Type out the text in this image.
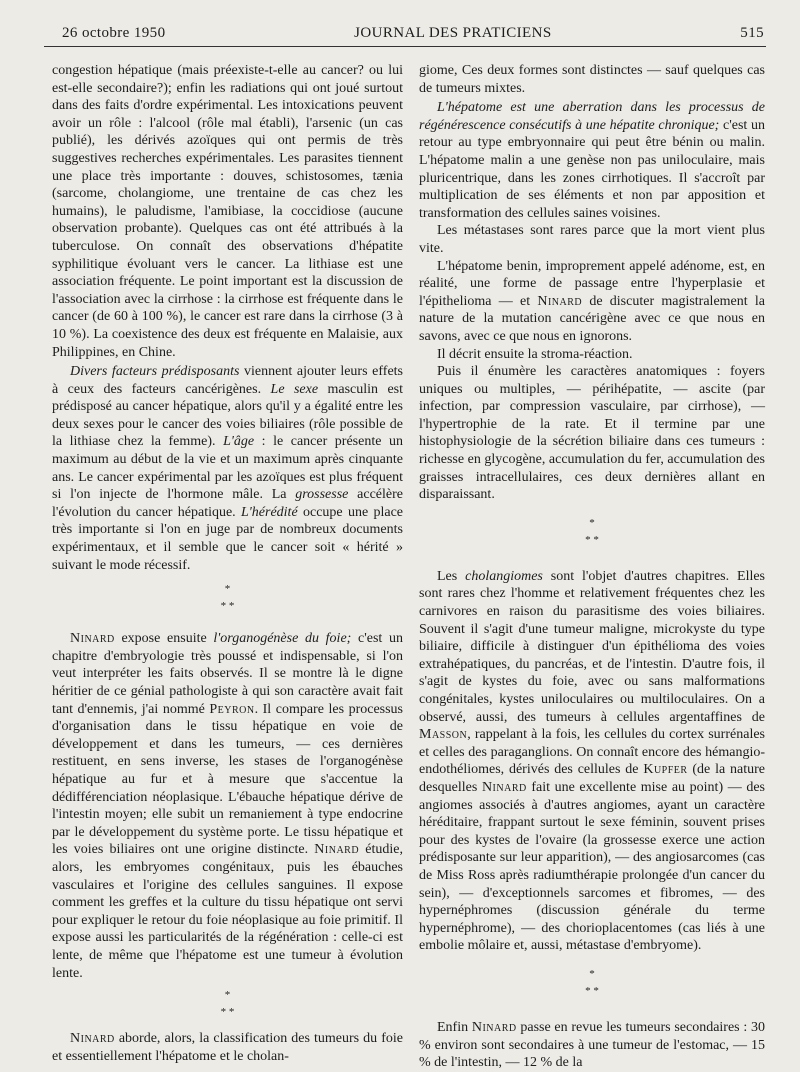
26 octobre 1950	JOURNAL DES PRATICIENS	515

congestion hépatique (mais préexiste-t-elle au cancer? ou lui est-elle secondaire?); enfin les radiations qui ont joué surtout dans des faits d'ordre expérimental. Les intoxications peuvent avoir un rôle : l'alcool (rôle mal établi), l'arsenic (un cas publié), les dérivés azoïques qui ont permis de très suggestives recherches expérimentales. Les parasites tiennent une place très importante : douves, schistosomes, tænia (sarcome, cholangiome, une trentaine de cas chez les humains), le paludisme, l'amibiase, la coccidiose (aucune observation probante). Quelques cas ont été attribués à la tuberculose. On connaît des observations d'hépatite syphilitique évoluant vers le cancer. La lithiase est une association fréquente. Le point important est la discussion de l'association avec la cirrhose : la cirrhose est fréquente dans le cancer (de 60 à 100 %), le cancer est rare dans la cirrhose (3 à 10 %). La coexistence des deux est fréquente en Malaisie, aux Philippines, en Chine.

Divers facteurs prédisposants viennent ajouter leurs effets à ceux des facteurs cancérigènes. Le sexe masculin est prédisposé au cancer hépatique, alors qu'il y a égalité entre les deux sexes pour le cancer des voies biliaires (rôle possible de la lithiase chez la femme). L'âge : le cancer présente un maximum au début de la vie et un maximum après cinquante ans. Le cancer expérimental par les azoïques est plus fréquent si l'on injecte de l'hormone mâle. La grossesse accélère l'évolution du cancer hépatique. L'hérédité occupe une place très importante si l'on en juge par de nombreux documents expérimentaux, et il semble que le cancer soit « hérité » suivant le mode récessif.

*
* *

Ninard expose ensuite l'organogénèse du foie; c'est un chapitre d'embryologie très poussé et indispensable, si l'on veut interpréter les faits observés. Il se montre là le digne héritier de ce génial pathologiste à qui son caractère avait fait tant d'ennemis, j'ai nommé Peyron. Il compare les processus d'organisation dans le tissu hépatique en voie de développement et dans les tumeurs, — ces dernières restituent, en sens inverse, les stases de l'organogénèse hépatique au fur et à mesure que s'accentue la dédifférenciation néoplasique. L'ébauche hépatique dérive de l'intestin moyen; elle subit un remaniement à type endocrine par le développement du système porte. Le tissu hépatique et les voies biliaires ont une origine distincte. Ninard étudie, alors, les embryomes congénitaux, puis les ébauches vasculaires et l'origine des cellules sanguines. Il expose comment les greffes et la culture du tissu hépatique ont servi pour expliquer le retour du foie néoplasique au foie primitif. Il expose aussi les particularités de la régénération : celle-ci est lente, de même que l'hépatome est une tumeur à évolution lente.

*
* *

Ninard aborde, alors, la classification des tumeurs du foie et essentiellement l'hépatome et le cholan-

giome, Ces deux formes sont distinctes — sauf quelques cas de tumeurs mixtes.

L'hépatome est une aberration dans les processus de régénérescence consécutifs à une hépatite chronique; c'est un retour au type embryonnaire qui peut être bénin ou malin. L'hépatome malin a une genèse non pas uniloculaire, mais pluricentrique, dans les zones cirrhotiques. Il s'accroît par multiplication de ses éléments et non par apposition et transformation des cellules saines voisines.

Les métastases sont rares parce que la mort vient plus vite.

L'hépatome benin, improprement appelé adénome, est, en réalité, une forme de passage entre l'hyperplasie et l'épithelioma — et Ninard de discuter magistralement la nature de la mutation cancérigène avec ce que nous en savons, avec ce que nous en ignorons.

Il décrit ensuite la stroma-réaction.

Puis il énumère les caractères anatomiques : foyers uniques ou multiples, — périhépatite, — ascite (par infection, par compression vasculaire, par cirrhose), — l'hypertrophie de la rate. Et il termine par une histophysiologie de la sécrétion biliaire dans ces tumeurs : richesse en glycogène, accumulation du fer, accumulation des graisses intracellulaires, ces deux dernières allant en disparaissant.

*
* *

Les cholangiomes sont l'objet d'autres chapitres. Elles sont rares chez l'homme et relativement fréquentes chez les carnivores en raison du parasitisme des voies biliaires. Souvent il s'agit d'une tumeur maligne, microkyste du type biliaire, difficile à distinguer d'un épithélioma des voies extrahépatiques, du pancréas, et de l'intestin. D'autre fois, il s'agit de kystes du foie, avec ou sans malformations congénitales, kystes uniloculaires ou multiloculaires. On a observé, aussi, des tumeurs à cellules argentaffines de Masson, rappelant à la fois, les cellules du cortex surrénales et celles des paraganglions. On connaît encore des hémangio-endothéliomes, dérivés des cellules de Kupfer (de la nature desquelles Ninard fait une excellente mise au point) — des angiomes associés à d'autres angiomes, ayant un caractère héréditaire, frappant surtout le sexe féminin, souvent prises pour des kystes de l'ovaire (la grossesse exerce une action prédisposante sur leur apparition), — des angiosarcomes (cas de Miss Ross après radiumthérapie prolongée d'un cancer du sein), — d'exceptionnels sarcomes et fibromes, — des hypernéphromes (discussion générale du terme hypernéphrome), — des chorioplacentomes (cas liés à une embolie môlaire et, aussi, métastase d'embryome).

*
* *

Enfin Ninard passe en revue les tumeurs secondaires : 30 % environ sont secondaires à une tumeur de l'estomac, — 15 % de l'intestin, — 12 % de la
